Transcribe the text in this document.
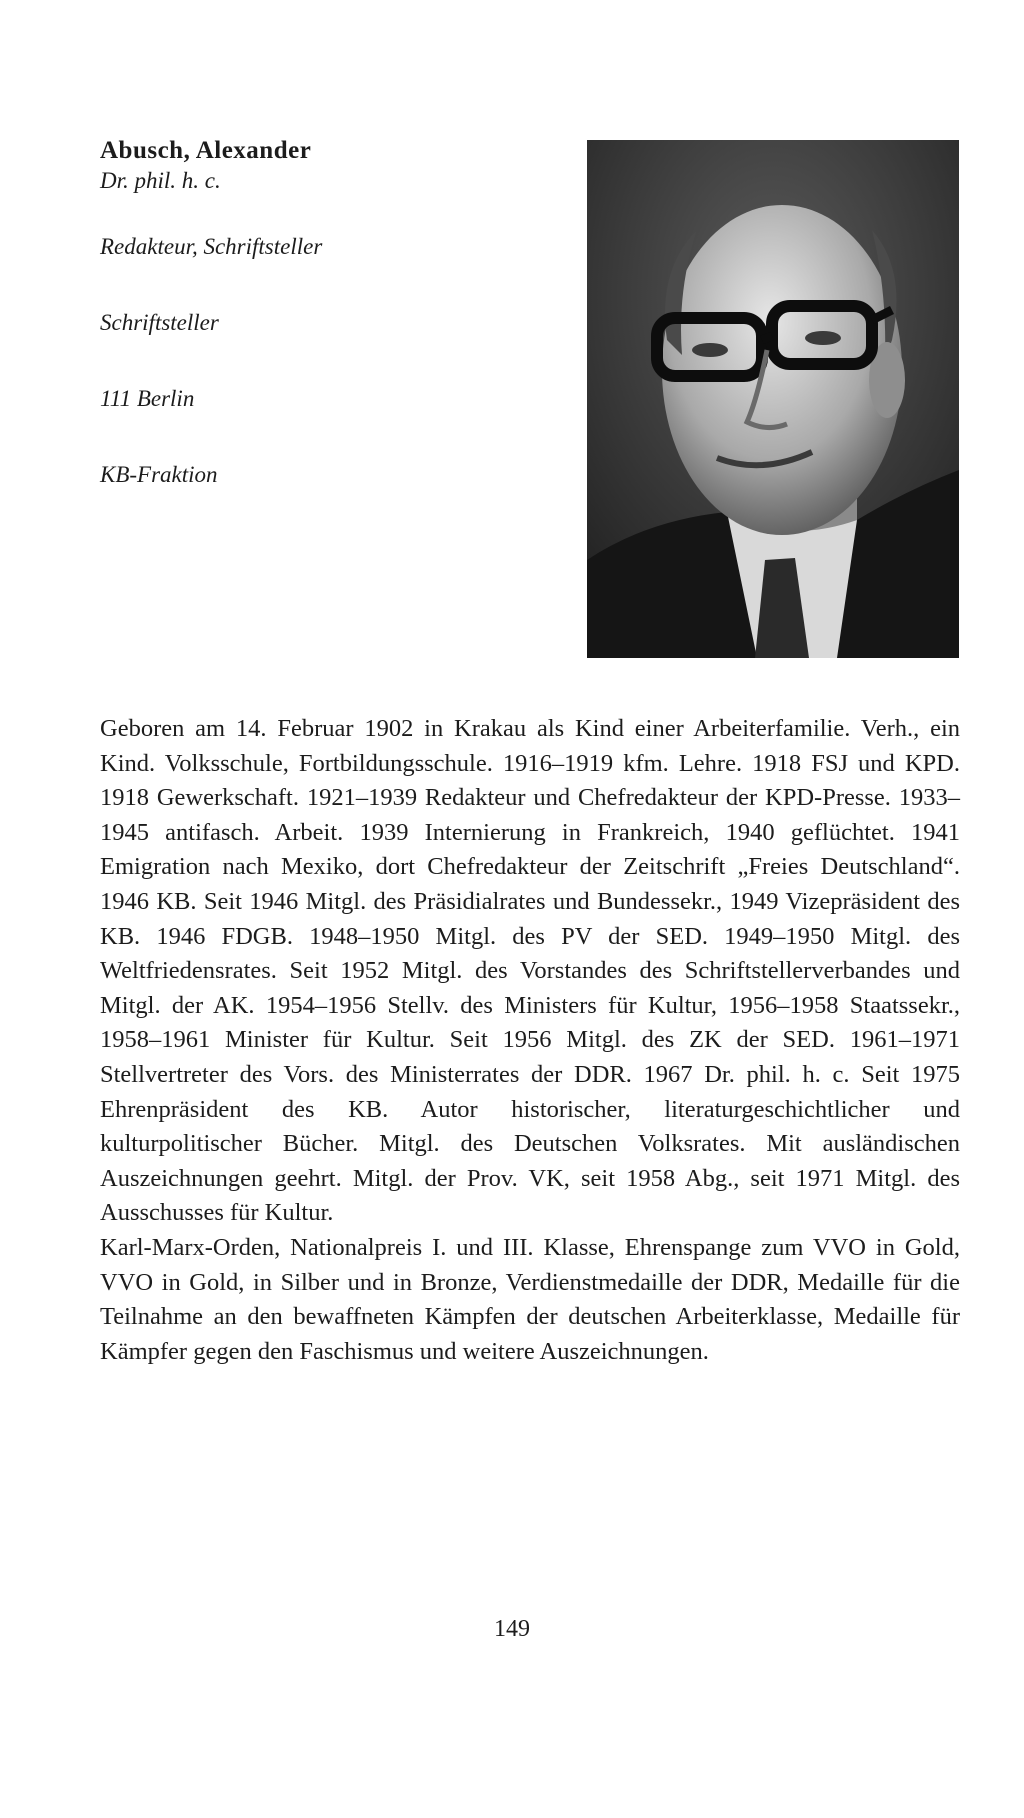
Abusch, Alexander

Dr. phil. h. c.

Redakteur, Schriftsteller

Schriftsteller

111 Berlin

KB-Fraktion

Geboren am 14. Februar 1902 in Krakau als Kind einer Arbeiterfamilie. Verh., ein Kind. Volksschule, Fortbildungsschule. 1916–1919 kfm. Lehre. 1918 FSJ und KPD. 1918 Gewerkschaft. 1921–1939 Redakteur und Chefredakteur der KPD-Presse. 1933–1945 antifasch. Arbeit. 1939 Internierung in Frankreich, 1940 geflüchtet. 1941 Emigration nach Mexiko, dort Chefredakteur der Zeitschrift „Freies Deutschland“. 1946 KB. Seit 1946 Mitgl. des Präsidialrates und Bundessekr., 1949 Vizepräsident des KB. 1946 FDGB. 1948–1950 Mitgl. des PV der SED. 1949–1950 Mitgl. des Weltfriedensrates. Seit 1952 Mitgl. des Vorstandes des Schriftstellerverbandes und Mitgl. der AK. 1954–1956 Stellv. des Ministers für Kultur, 1956–1958 Staatssekr., 1958–1961 Minister für Kultur. Seit 1956 Mitgl. des ZK der SED. 1961–1971 Stellvertreter des Vors. des Ministerrates der DDR. 1967 Dr. phil. h. c. Seit 1975 Ehrenpräsident des KB. Autor historischer, literaturgeschichtlicher und kulturpolitischer Bücher. Mitgl. des Deutschen Volksrates. Mit ausländischen Auszeichnungen geehrt. Mitgl. der Prov. VK, seit 1958 Abg., seit 1971 Mitgl. des Ausschusses für Kultur.

Karl-Marx-Orden, Nationalpreis I. und III. Klasse, Ehrenspange zum VVO in Gold, VVO in Gold, in Silber und in Bronze, Verdienstmedaille der DDR, Medaille für die Teilnahme an den bewaffneten Kämpfen der deutschen Arbeiterklasse, Medaille für Kämpfer gegen den Faschismus und weitere Auszeichnungen.

149
